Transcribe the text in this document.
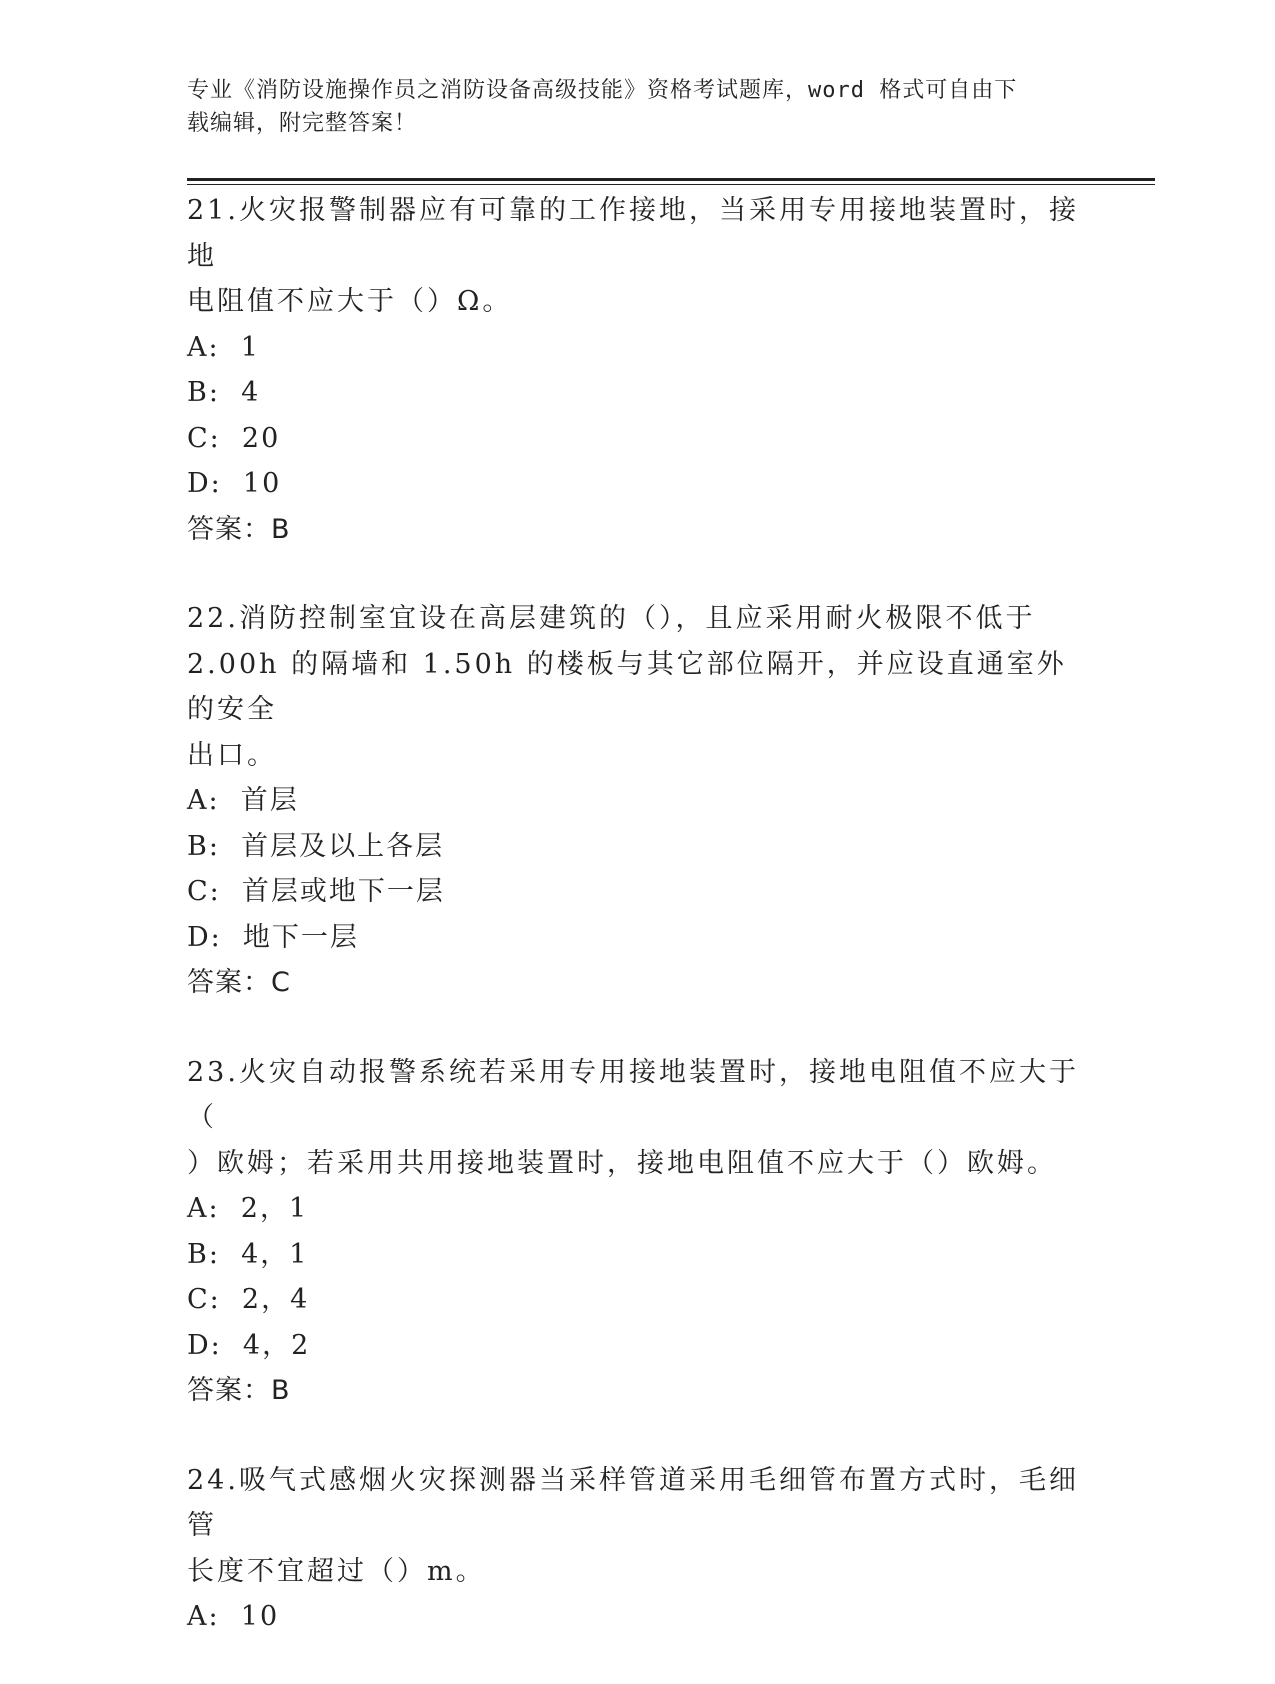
专业《消防设施操作员之消防设备高级技能》资格考试题库，word 格式可自由下
载编辑，附完整答案！
21.火灾报警制器应有可靠的工作接地，当采用专用接地装置时，接地
电阻值不应大于（）Ω。
A:  1
B:  4
C:  20
D:  10
答案：B
22.消防控制室宜设在高层建筑的（），且应采用耐火极限不低于
2.00h 的隔墙和 1.50h 的楼板与其它部位隔开，并应设直通室外的安全
出口。
A:  首层
B:  首层及以上各层
C:  首层或地下一层
D:  地下一层
答案：C
23.火灾自动报警系统若采用专用接地装置时，接地电阻值不应大于（
）欧姆；若采用共用接地装置时，接地电阻值不应大于（）欧姆。
A:  2，1
B:  4，1
C:  2，4
D:  4，2
答案：B
24.吸气式感烟火灾探测器当采样管道采用毛细管布置方式时，毛细管
长度不宜超过（）m。
A:  10
